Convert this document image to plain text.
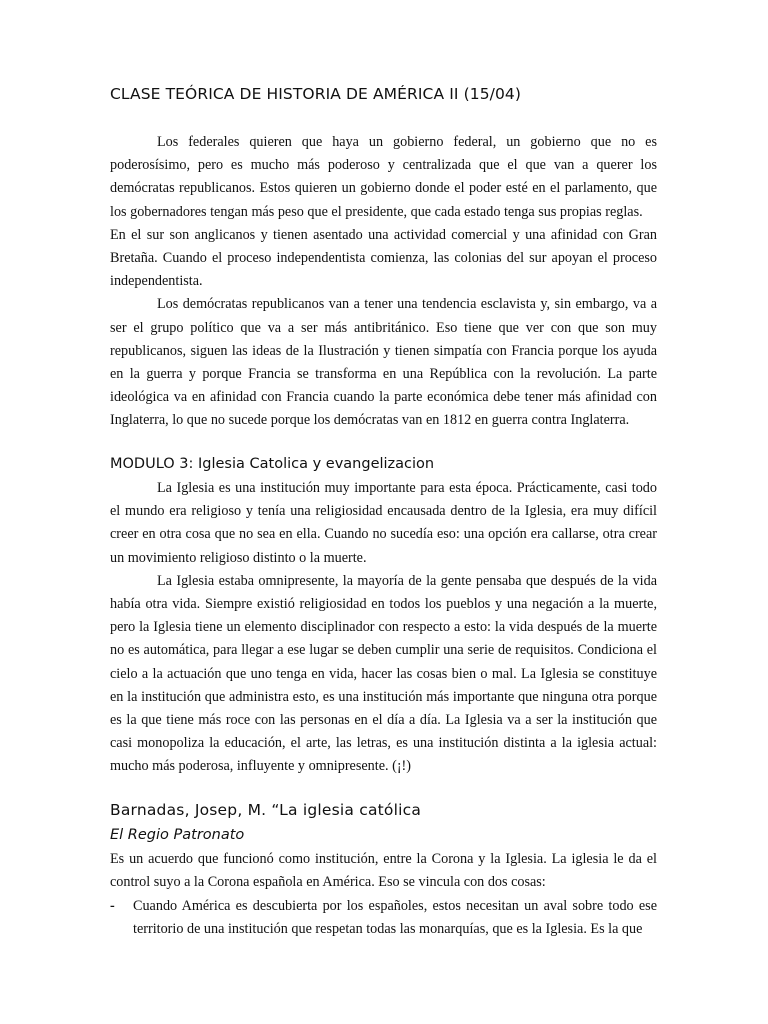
CLASE TEÓRICA DE HISTORIA DE AMÉRICA II (15/04)

Los federales quieren que haya un gobierno federal, un gobierno que no es poderosísimo, pero es mucho más poderoso y centralizada que el que van a querer los demócratas republicanos. Estos quieren un gobierno donde el poder esté en el parlamento, que los gobernadores tengan más peso que el presidente, que cada estado tenga sus propias reglas.

En el sur son anglicanos y tienen asentado una actividad comercial y una afinidad con Gran Bretaña. Cuando el proceso independentista comienza, las colonias del sur apoyan el proceso independentista.

Los demócratas republicanos van a tener una tendencia esclavista y, sin embargo, va a ser el grupo político que va a ser más antibritánico. Eso tiene que ver con que son muy republicanos, siguen las ideas de la Ilustración y tienen simpatía con Francia porque los ayuda en la guerra y porque Francia se transforma en una República con la revolución. La parte ideológica va en afinidad con Francia cuando la parte económica debe tener más afinidad con Inglaterra, lo que no sucede porque los demócratas van en 1812 en guerra contra Inglaterra.

MODULO 3: Iglesia Catolica y evangelizacion

La Iglesia es una institución muy importante para esta época. Prácticamente, casi todo el mundo era religioso y tenía una religiosidad encausada dentro de la Iglesia, era muy difícil creer en otra cosa que no sea en ella. Cuando no sucedía eso: una opción era callarse, otra crear un movimiento religioso distinto o la muerte.

La Iglesia estaba omnipresente, la mayoría de la gente pensaba que después de la vida había otra vida. Siempre existió religiosidad en todos los pueblos y una negación a la muerte, pero la Iglesia tiene un elemento disciplinador con respecto a esto: la vida después de la muerte no es automática, para llegar a ese lugar se deben cumplir una serie de requisitos. Condiciona el cielo a la actuación que uno tenga en vida, hacer las cosas bien o mal. La Iglesia se constituye en la institución que administra esto, es una institución más importante que ninguna otra porque es la que tiene más roce con las personas en el día a día. La Iglesia va a ser la institución que casi monopoliza la educación, el arte, las letras, es una institución distinta a la iglesia actual: mucho más poderosa, influyente y omnipresente. (¡!)

Barnadas, Josep, M. “La iglesia católica
El Regio Patronato

Es un acuerdo que funcionó como institución, entre la Corona y la Iglesia. La iglesia le da el control suyo a la Corona española en América. Eso se vincula con dos cosas:

- Cuando América es descubierta por los españoles, estos necesitan un aval sobre todo ese territorio de una institución que respetan todas las monarquías, que es la Iglesia. Es la que
